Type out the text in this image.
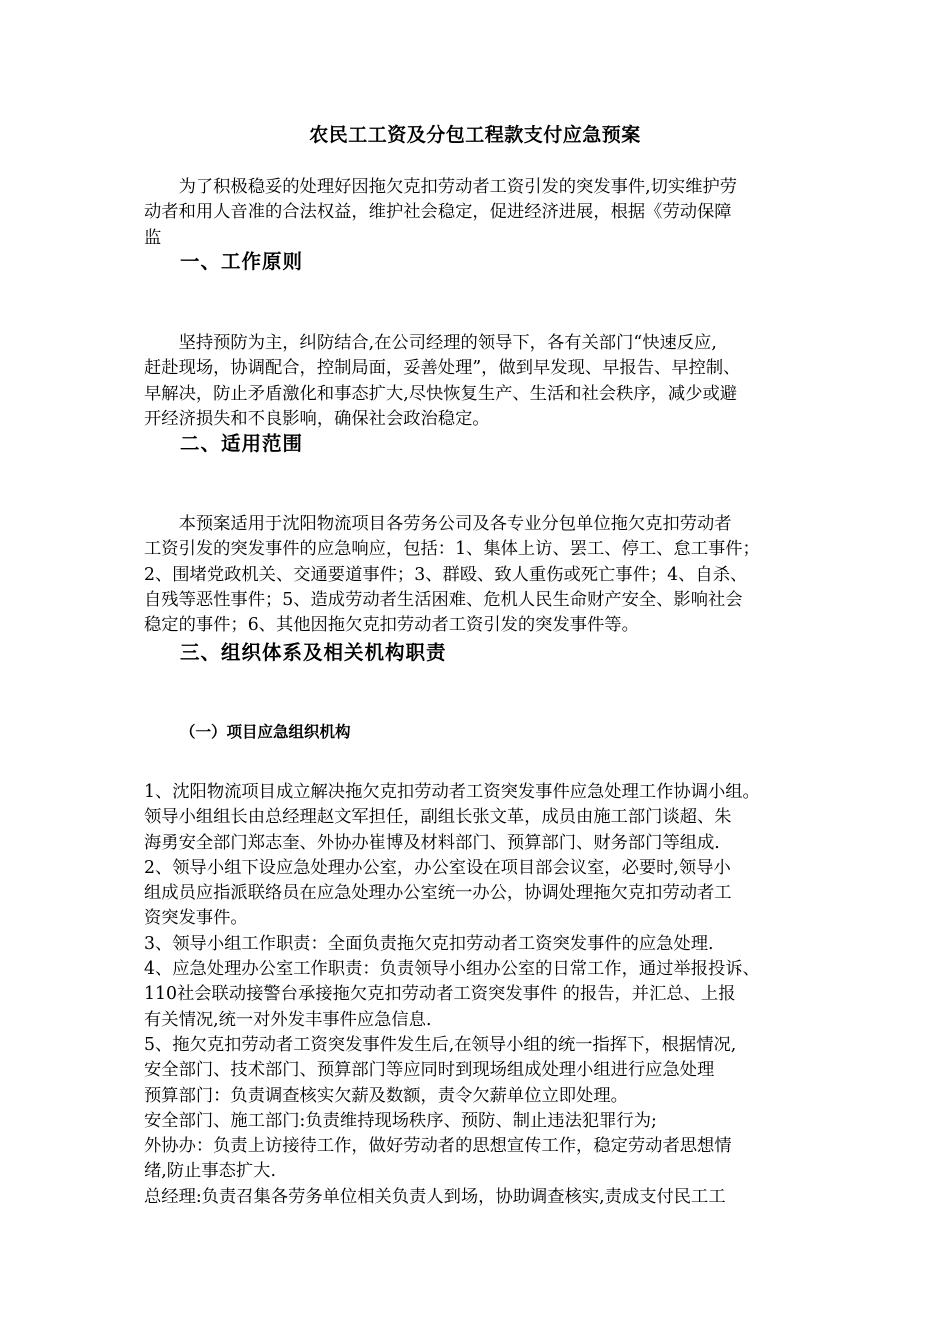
农民工工资及分包工程款支付应急预案

　　为了积极稳妥的处理好因拖欠克扣劳动者工资引发的突发事件,切实维护劳

动者和用人音准的合法权益，维护社会稳定，促进经济进展，根据《劳动保障

监

一、工作原则

　　坚持预防为主，纠防结合,在公司经理的领导下，各有关部门“快速反应,

赶赴现场，协调配合，控制局面，妥善处理”，做到早发现、早报告、早控制、

早解决，防止矛盾激化和事态扩大,尽快恢复生产、生活和社会秩序，减少或避

开经济损失和不良影响，确保社会政治稳定。

二、适用范围

　　本预案适用于沈阳物流项目各劳务公司及各专业分包单位拖欠克扣劳动者

工资引发的突发事件的应急响应，包括：1、集体上访、罢工、停工、怠工事件；

2、围堵党政机关、交通要道事件；3、群殴、致人重伤或死亡事件；4、自杀、

自残等恶性事件；5、造成劳动者生活困难、危机人民生命财产安全、影响社会

稳定的事件；6、其他因拖欠克扣劳动者工资引发的突发事件等。

三、组织体系及相关机构职责
（一）项目应急组织机构

1、沈阳物流项目成立解决拖欠克扣劳动者工资突发事件应急处理工作协调小组。

领导小组组长由总经理赵文军担任，副组长张文革，成员由施工部门谈超、朱

海勇安全部门郑志奎、外协办崔博及材料部门、预算部门、财务部门等组成.

2、领导小组下设应急处理办公室，办公室设在项目部会议室，必要时,领导小

组成员应指派联络员在应急处理办公室统一办公，协调处理拖欠克扣劳动者工

资突发事件。

3、领导小组工作职责：全面负责拖欠克扣劳动者工资突发事件的应急处理.

4、应急处理办公室工作职责：负责领导小组办公室的日常工作，通过举报投诉、

110社会联动接警台承接拖欠克扣劳动者工资突发事件 的报告，并汇总、上报

有关情况,统一对外发丰事件应急信息.

5、拖欠克扣劳动者工资突发事件发生后,在领导小组的统一指挥下，根据情况,

安全部门、技术部门、预算部门等应同时到现场组成处理小组进行应急处理

预算部门：负责调查核实欠薪及数额，责令欠薪单位立即处理。

安全部门、施工部门:负责维持现场秩序、预防、制止违法犯罪行为;

外协办：负责上访接待工作，做好劳动者的思想宣传工作，稳定劳动者思想情

绪,防止事态扩大.

总经理:负责召集各劳务单位相关负责人到场，协助调查核实,责成支付民工工
